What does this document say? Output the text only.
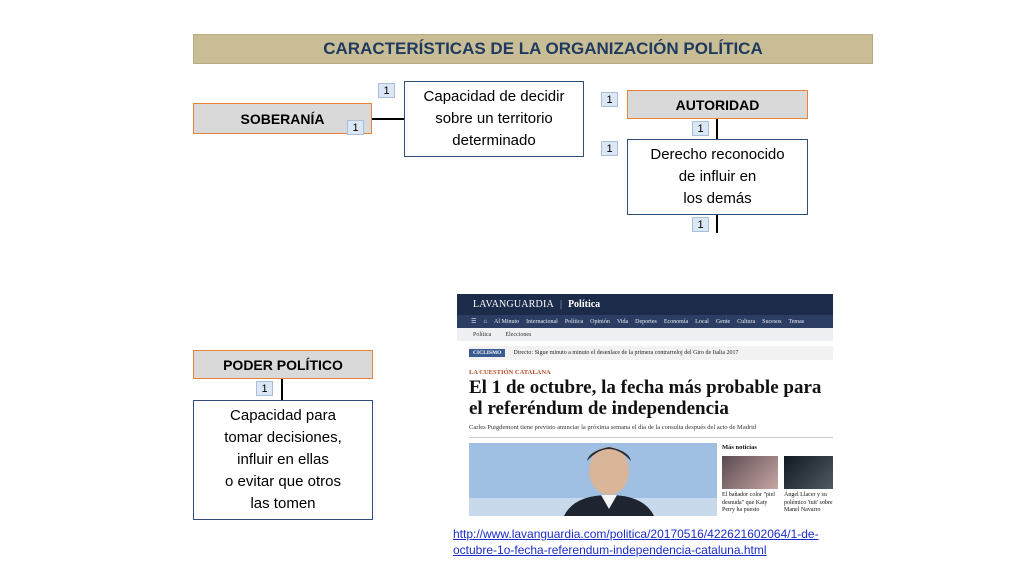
CARACTERÍSTICAS DE LA ORGANIZACIÓN POLÍTICA
SOBERANÍA
Capacidad de decidir
sobre un territorio
determinado
1
1
AUTORIDAD
Derecho reconocido
de influir en
los demás
1
1
1
1
PODER POLÍTICO
Capacidad para
tomar decisiones,
influir en ellas
o evitar que otros
las tomen
1
LAVANGUARDIA | Política
☰ ⌂ Al Minuto Internacional Política Opinión Vida Deportes Economía Local Gente Cultura Sucesos Temas
Política Elecciones
CICLISMO	Directo: Sigue minuto a minuto el desenlace de la primera contrarreloj del Giro de Italia 2017
LA CUESTIÓN CATALANA
El 1 de octubre, la fecha más probable para el referéndum de independencia
Carles Puigdemont tiene previsto anunciar la próxima semana el día de la consulta después del acto de Madrid
Más noticias
El bañador color "piel desnuda" que Katy Perry ha puesto
Ángel Llacer y su polémico 'tuit' sobre Manel Navarro
http://www.lavanguardia.com/politica/20170516/422621602064/1-de-octubre-1o-fecha-referendum-independencia-cataluna.html
